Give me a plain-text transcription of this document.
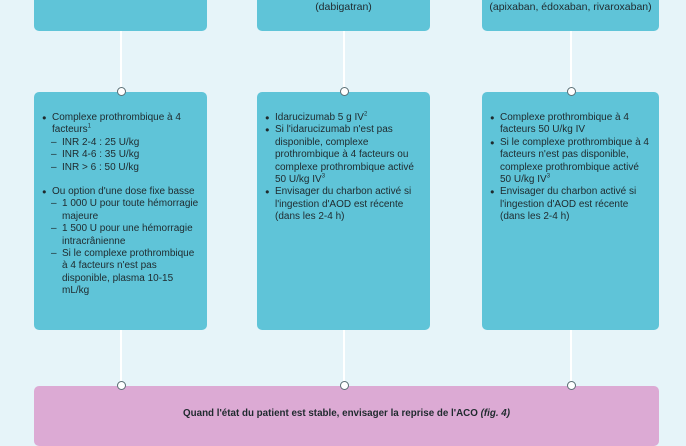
(dabigatran)	(apixaban, édoxaban, rivaroxaban)
● Complexe prothrombique à 4 facteurs$^1$
– INR 2-4 : 25 U/kg
– INR 4-6 : 35 U/kg
– INR > 6 : 50 U/kg
● Ou option d'une dose fixe basse
– 1 000 U pour toute hémorragie majeure
– 1 500 U pour une hémorragie intracrânienne
– Si le complexe prothrombique à 4 facteurs n'est pas disponible, plasma 10-15 mL/kg
● Idarucizumab 5 g $IV^2$
● Si l'idarucizumab n'est pas disponible, complexe prothrombique à 4 facteurs ou complexe prothrombique activé 50 U/kg $IV^3$
● Envisager du charbon activé si l'ingestion d'AOD est récente (dans les 2-4 h)
● Complexe prothrombique à 4 facteurs 50 U/kg IV
● Si le complexe prothrombique à 4 facteurs n'est pas disponible, complexe prothrombique activé 50 U/kg $IV^3$
● Envisager du charbon activé si l'ingestion d'AOD est récente (dans les 2-4 h)
Quand l'état du patient est stable, envisager la reprise de l'ACO (fig. 4)
